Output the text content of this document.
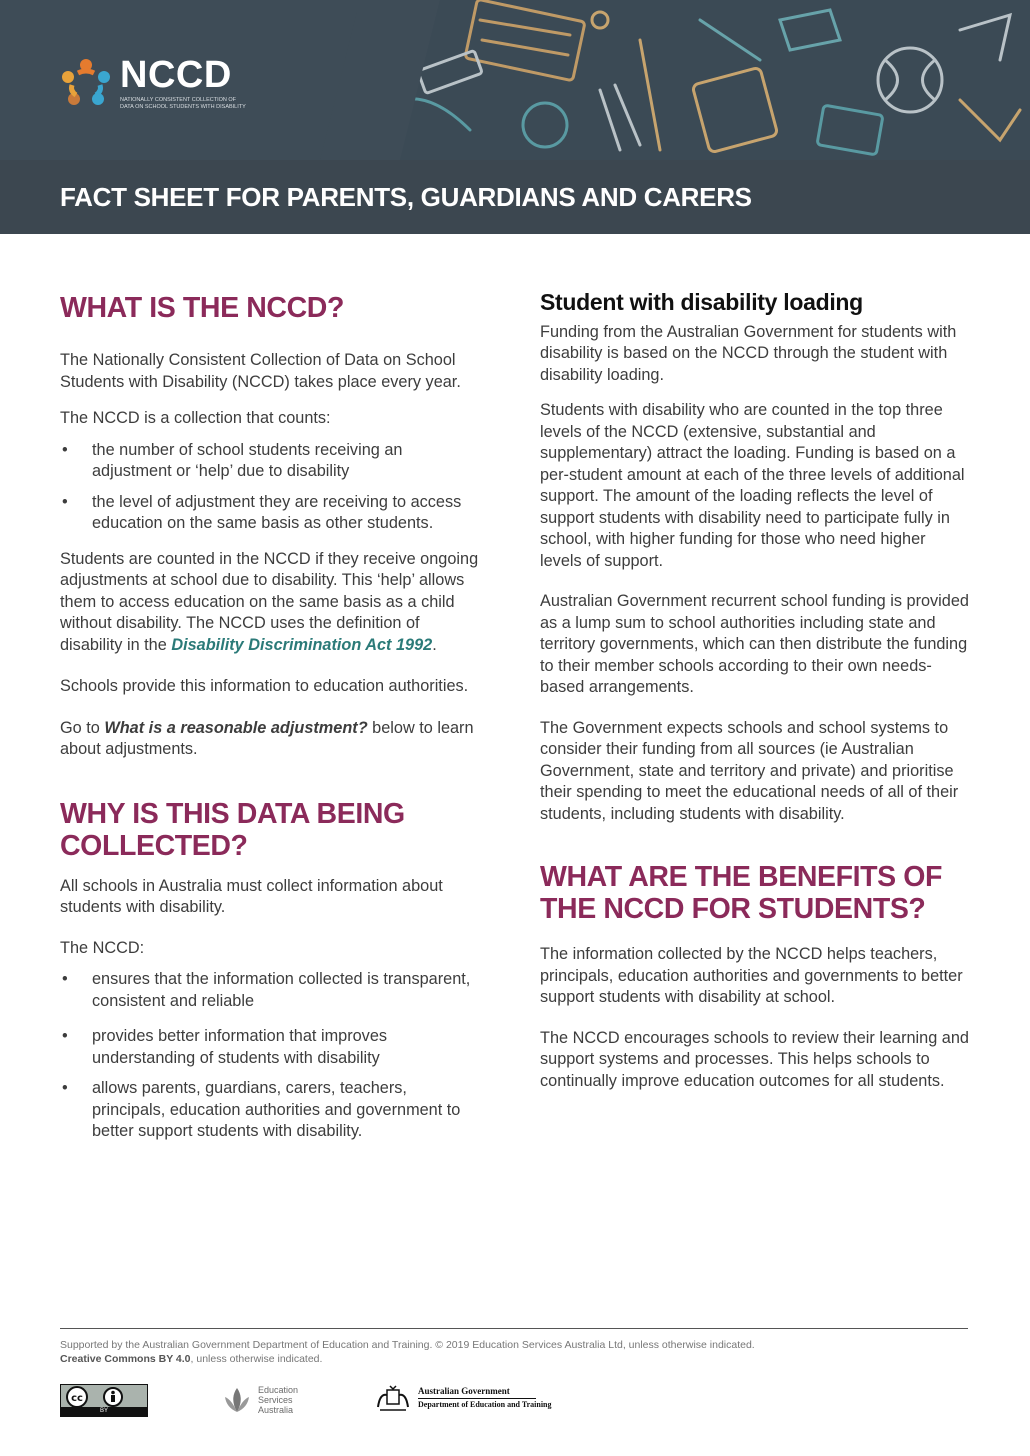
NCCD
NATIONALLY CONSISTENT COLLECTION OF DATA ON SCHOOL STUDENTS WITH DISABILITY
FACT SHEET FOR PARENTS, GUARDIANS AND CARERS
WHAT IS THE NCCD?

The Nationally Consistent Collection of Data on School Students with Disability (NCCD) takes place every year.

The NCCD is a collection that counts:

• the number of school students receiving an adjustment or ‘help’ due to disability
• the level of adjustment they are receiving to access education on the same basis as other students.

Students are counted in the NCCD if they receive ongoing adjustments at school due to disability. This ‘help’ allows them to access education on the same basis as a child without disability. The NCCD uses the definition of disability in the Disability Discrimination Act 1992.

Schools provide this information to education authorities.

Go to What is a reasonable adjustment? below to learn about adjustments.

WHY IS THIS DATA BEING COLLECTED?

All schools in Australia must collect information about students with disability.

The NCCD:

• ensures that the information collected is transparent, consistent and reliable
• provides better information that improves understanding of students with disability
• allows parents, guardians, carers, teachers, principals, education authorities and government to better support students with disability.
Student with disability loading

Funding from the Australian Government for students with disability is based on the NCCD through the student with disability loading.

Students with disability who are counted in the top three levels of the NCCD (extensive, substantial and supplementary) attract the loading. Funding is based on a per-student amount at each of the three levels of additional support. The amount of the loading reflects the level of support students with disability need to participate fully in school, with higher funding for those who need higher levels of support.

Australian Government recurrent school funding is provided as a lump sum to school authorities including state and territory governments, which can then distribute the funding to their member schools according to their own needs-based arrangements.

The Government expects schools and school systems to consider their funding from all sources (ie Australian Government, state and territory and private) and prioritise their spending to meet the educational needs of all of their students, including students with disability.

WHAT ARE THE BENEFITS OF THE NCCD FOR STUDENTS?

The information collected by the NCCD helps teachers, principals, education authorities and governments to better support students with disability at school.

The NCCD encourages schools to review their learning and support systems and processes. This helps schools to continually improve education outcomes for all students.

Supported by the Australian Government Department of Education and Training. © 2019 Education Services Australia Ltd, unless otherwise indicated.
Creative Commons BY 4.0, unless otherwise indicated.
cc
BY
Education Services Australia
Australian Government
Department of Education and Training
